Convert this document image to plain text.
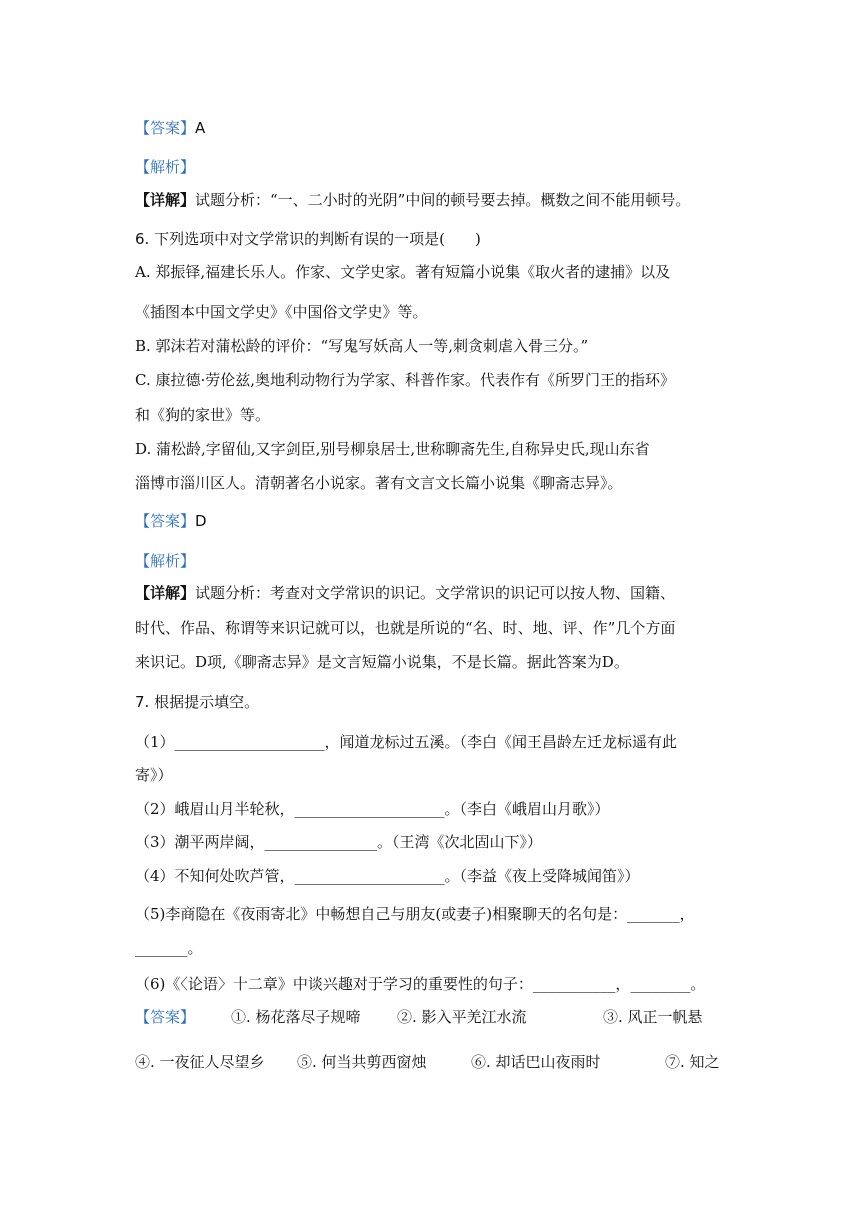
【答案】A
【解析】
【详解】试题分析：“一、二小时的光阴”中间的顿号要去掉。概数之间不能用顿号。
6. 下列选项中对文学常识的判断有误的一项是(　　)
A. 郑振铎,福建长乐人。作家、文学史家。著有短篇小说集《取火者的逮捕》以及
《插图本中国文学史》《中国俗文学史》等。
B. 郭沫若对蒲松龄的评价：“写鬼写妖高人一等,刺贪刺虐入骨三分。”
C. 康拉德·劳伦兹,奥地利动物行为学家、科普作家。代表作有《所罗门王的指环》
和《狗的家世》等。
D. 蒲松龄,字留仙,又字剑臣,别号柳泉居士,世称聊斋先生,自称异史氏,现山东省
淄博市淄川区人。清朝著名小说家。著有文言文长篇小说集《聊斋志异》。
【答案】D
【解析】
【详解】试题分析：考查对文学常识的识记。文学常识的识记可以按人物、国籍、
时代、作品、称谓等来识记就可以，也就是所说的“名、时、地、评、作”几个方面
来识记。D项,《聊斋志异》是文言短篇小说集，不是长篇。据此答案为D。
7. 根据提示填空。
（1）____________________，闻道龙标过五溪。（李白《闻王昌龄左迁龙标遥有此
寄》）
（2）峨眉山月半轮秋，____________________。（李白《峨眉山月歌》）
（3）潮平两岸阔，_______________。（王湾《次北固山下》）
（4）不知何处吹芦管，____________________。（李益《夜上受降城闻笛》）
（5)李商隐在《夜雨寄北》中畅想自己与朋友(或妻子)相聚聊天的名句是：_______，
_______。
（6)《〈论语〉十二章》中谈兴趣对于学习的重要性的句子：___________，________。
【答案】 ①. 杨花落尽子规啼 ②. 影入平羌江水流	③. 风正一帆悬
④. 一夜征人尽望乡 ⑤. 何当共剪西窗烛	⑥. 却话巴山夜雨时	⑦. 知之
